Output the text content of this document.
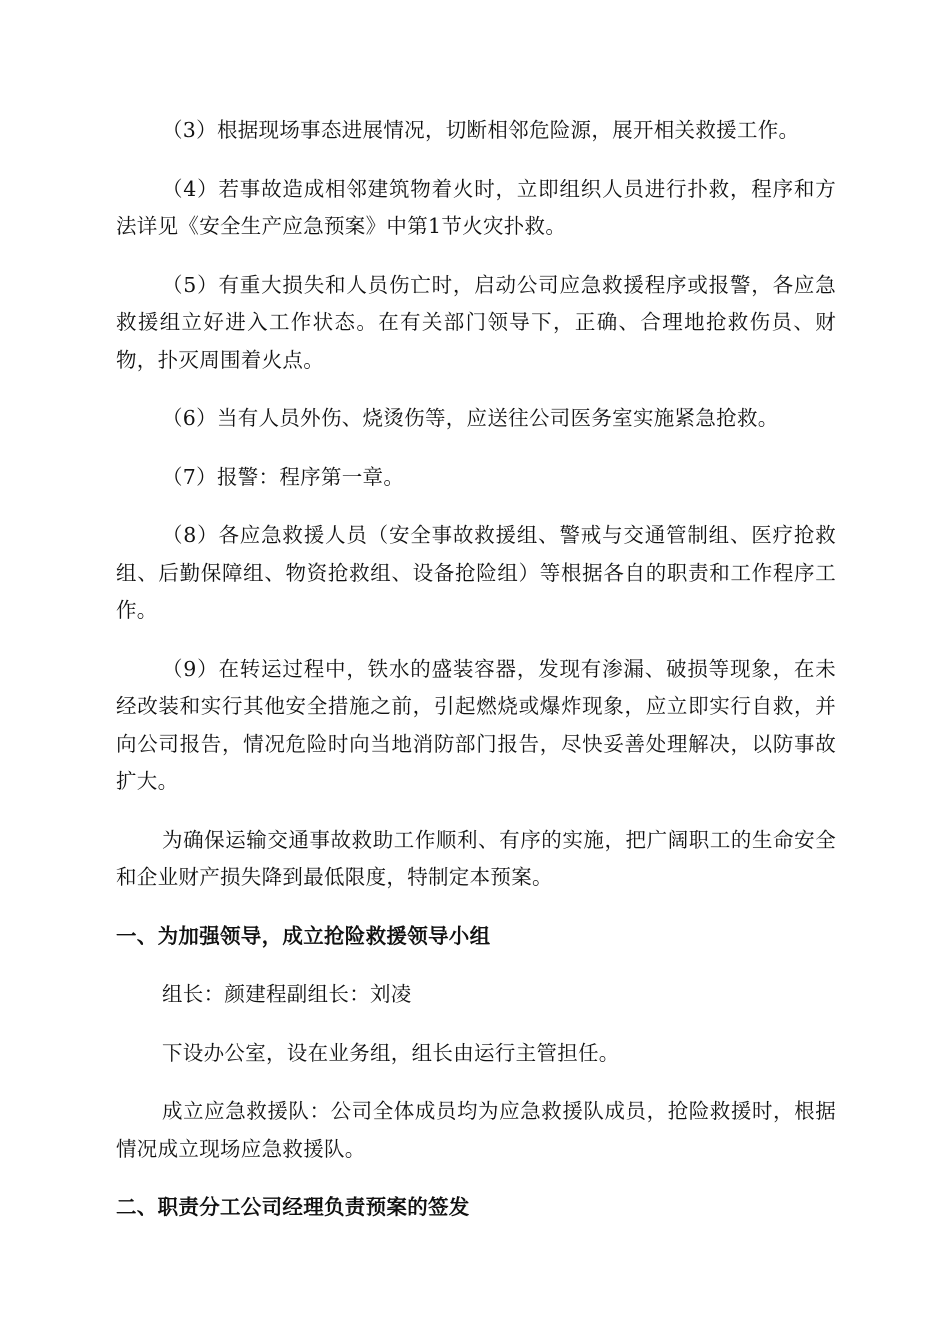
（3）根据现场事态进展情况，切断相邻危险源，展开相关救援工作。

（4）若事故造成相邻建筑物着火时，立即组织人员进行扑救，程序和方法详见《安全生产应急预案》中第1节火灾扑救。

（5）有重大损失和人员伤亡时，启动公司应急救援程序或报警，各应急救援组立好进入工作状态。在有关部门领导下，正确、合理地抢救伤员、财物，扑灭周围着火点。

（6）当有人员外伤、烧烫伤等，应送往公司医务室实施紧急抢救。

（7）报警：程序第一章。

（8）各应急救援人员（安全事故救援组、警戒与交通管制组、医疗抢救组、后勤保障组、物资抢救组、设备抢险组）等根据各自的职责和工作程序工作。

（9）在转运过程中，铁水的盛装容器，发现有渗漏、破损等现象，在未经改装和实行其他安全措施之前，引起燃烧或爆炸现象，应立即实行自救，并向公司报告，情况危险时向当地消防部门报告，尽快妥善处理解决，以防事故扩大。

为确保运输交通事故救助工作顺利、有序的实施，把广阔职工的生命安全和企业财产损失降到最低限度，特制定本预案。

一、为加强领导，成立抢险救援领导小组

组长：颜建程副组长：刘凌

下设办公室，设在业务组，组长由运行主管担任。

成立应急救援队：公司全体成员均为应急救援队成员，抢险救援时，根据情况成立现场应急救援队。

二、职责分工公司经理负责预案的签发
